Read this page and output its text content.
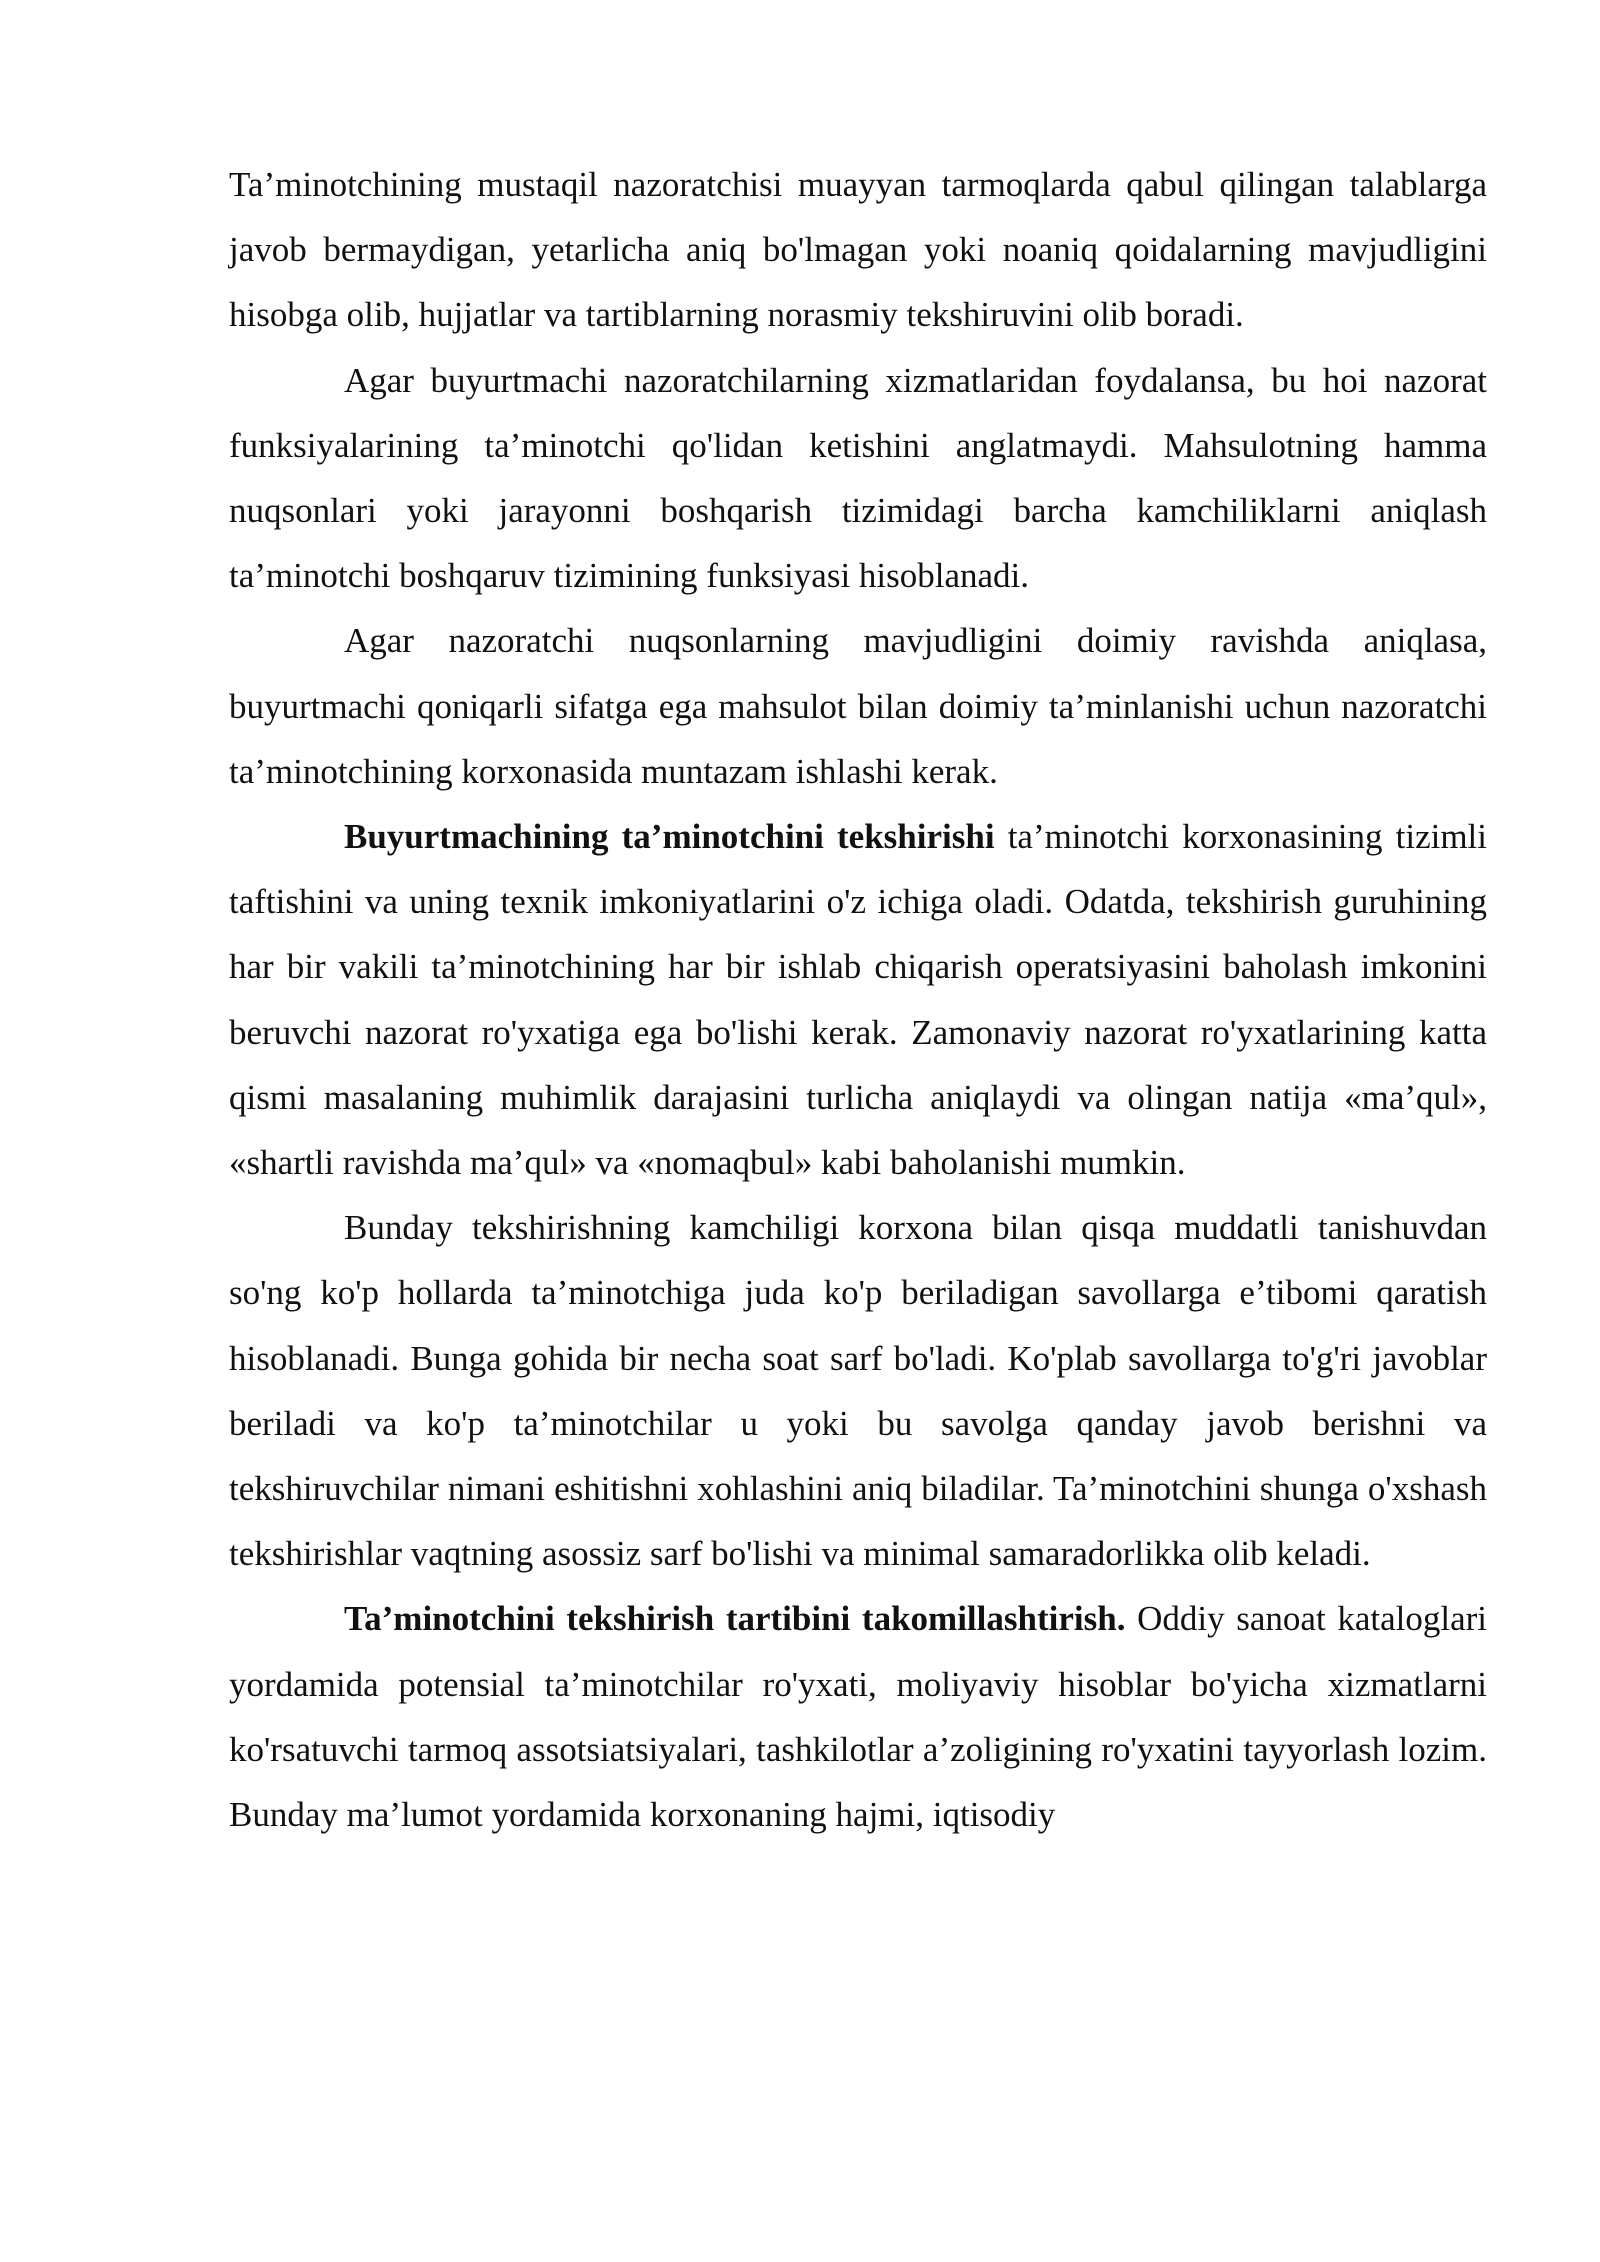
Ta’minotchining mustaqil nazoratchisi muayyan tarmoqlarda qabul qilingan talablarga javob bermaydigan, yetarlicha aniq bo'lmagan yoki noaniq qoidalarning mavjudligini hisobga olib, hujjatlar va tartiblarning norasmiy tekshiruvini olib boradi.

Agar buyurtmachi nazoratchilarning xizmatlaridan foydalansa, bu hoi nazorat funksiyalarining ta’minotchi qo'lidan ketishini anglatmaydi. Mahsulotning hamma nuqsonlari yoki jarayonni boshqarish tizimidagi barcha kamchiliklarni aniqlash ta’minotchi boshqaruv tizimining funksiyasi hisoblanadi.

Agar nazoratchi nuqsonlarning mavjudligini doimiy ravishda aniqlasa, buyurtmachi qoniqarli sifatga ega mahsulot bilan doimiy ta’minlanishi uchun nazoratchi ta’minotchining korxonasida muntazam ishlashi kerak.

Buyurtmachining ta’minotchini tekshirishi ta’minotchi korxonasining tizimli taftishini va uning texnik imkoniyatlarini o'z ichiga oladi. Odatda, tekshirish guruhining har bir vakili ta’minotchining har bir ishlab chiqarish operatsiyasini baholash imkonini beruvchi nazorat ro'yxatiga ega bo'lishi kerak. Zamonaviy nazorat ro'yxatlarining katta qismi masalaning muhimlik darajasini turlicha aniqlaydi va olingan natija «ma’qul», «shartli ravishda ma’qul» va «nomaqbul» kabi baholanishi mumkin.

Bunday tekshirishning kamchiligi korxona bilan qisqa muddatli tanishuvdan so'ng ko'p hollarda ta’minotchiga juda ko'p beriladigan savollarga e’tibomi qaratish hisoblanadi. Bunga gohida bir necha soat sarf bo'ladi. Ko'plab savollarga to'g'ri javoblar beriladi va ko'p ta’minotchilar u yoki bu savolga qanday javob berishni va tekshiruvchilar nimani eshitishni xohlashini aniq biladilar. Ta’minotchini shunga o'xshash tekshirishlar vaqtning asossiz sarf bo'lishi va minimal samaradorlikka olib keladi.

Ta’minotchini tekshirish tartibini takomillashtirish. Oddiy sanoat kataloglari yordamida potensial ta’minotchilar ro'yxati, moliyaviy hisoblar bo'yicha xizmatlarni ko'rsatuvchi tarmoq assotsiatsiyalari, tashkilotlar a’zoligining ro'yxatini tayyorlash lozim. Bunday ma’lumot yordamida korxonaning hajmi, iqtisodiy
